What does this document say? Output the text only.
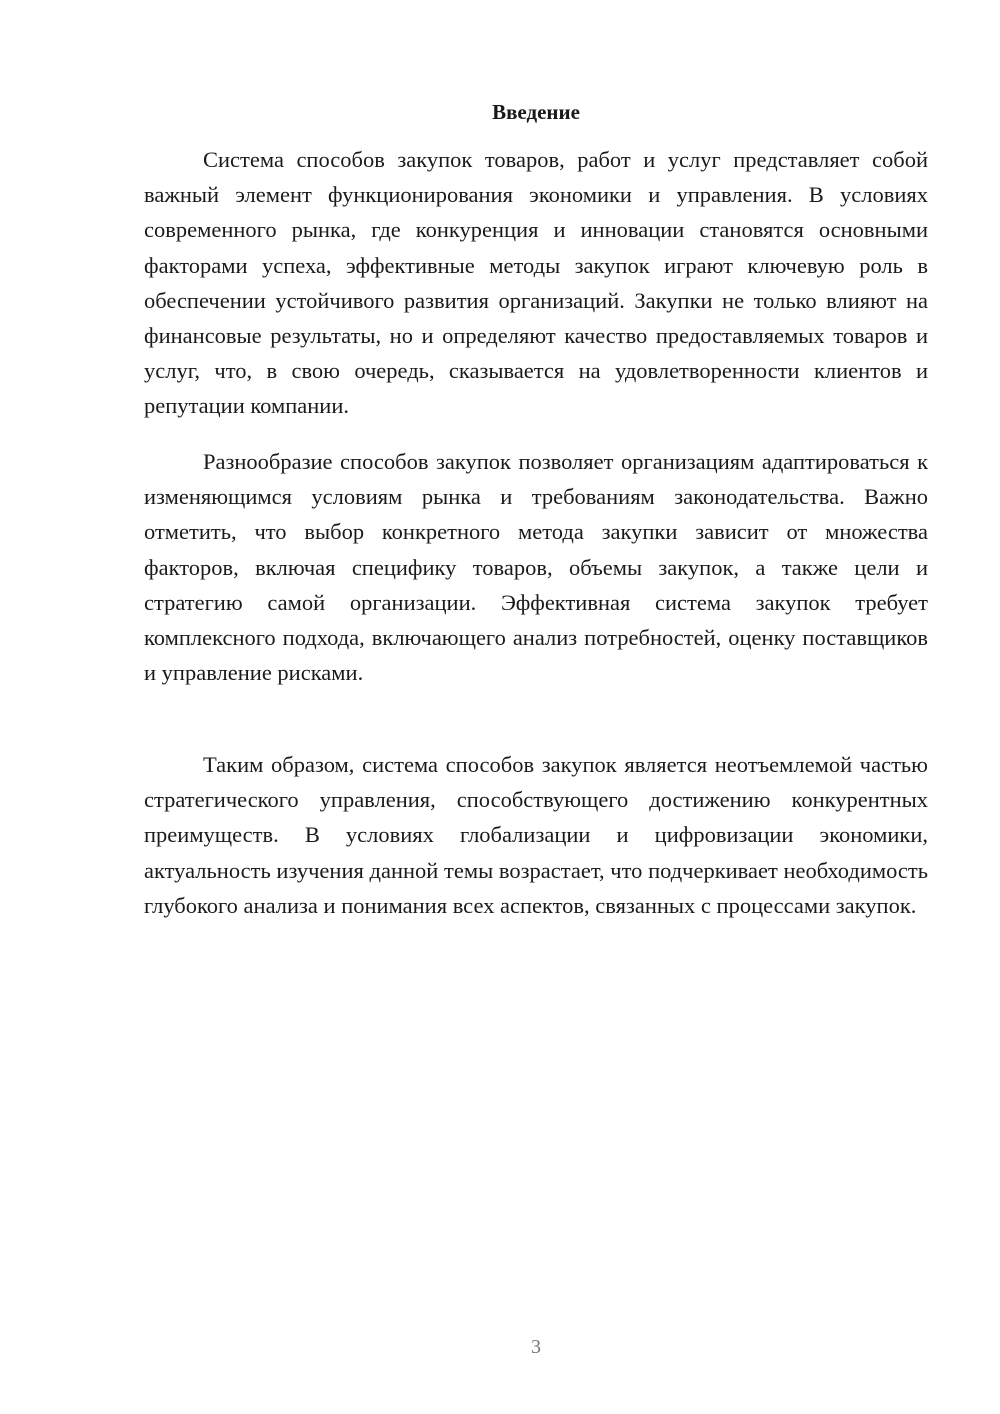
Введение

Система способов закупок товаров, работ и услуг представляет собой важный элемент функционирования экономики и управления. В условиях современного рынка, где конкуренция и инновации становятся основными факторами успеха, эффективные методы закупок играют ключевую роль в обеспечении устойчивого развития организаций. Закупки не только влияют на финансовые результаты, но и определяют качество предоставляемых товаров и услуг, что, в свою очередь, сказывается на удовлетворенности клиентов и репутации компании.

Разнообразие способов закупок позволяет организациям адаптироваться к изменяющимся условиям рынка и требованиям законодательства. Важно отметить, что выбор конкретного метода закупки зависит от множества факторов, включая специфику товаров, объемы закупок, а также цели и стратегию самой организации. Эффективная система закупок требует комплексного подхода, включающего анализ потребностей, оценку поставщиков и управление рисками.

Таким образом, система способов закупок является неотъемлемой частью стратегического управления, способствующего достижению конкурентных преимуществ. В условиях глобализации и цифровизации экономики, актуальность изучения данной темы возрастает, что подчеркивает необходимость глубокого анализа и понимания всех аспектов, связанных с процессами закупок.

3
